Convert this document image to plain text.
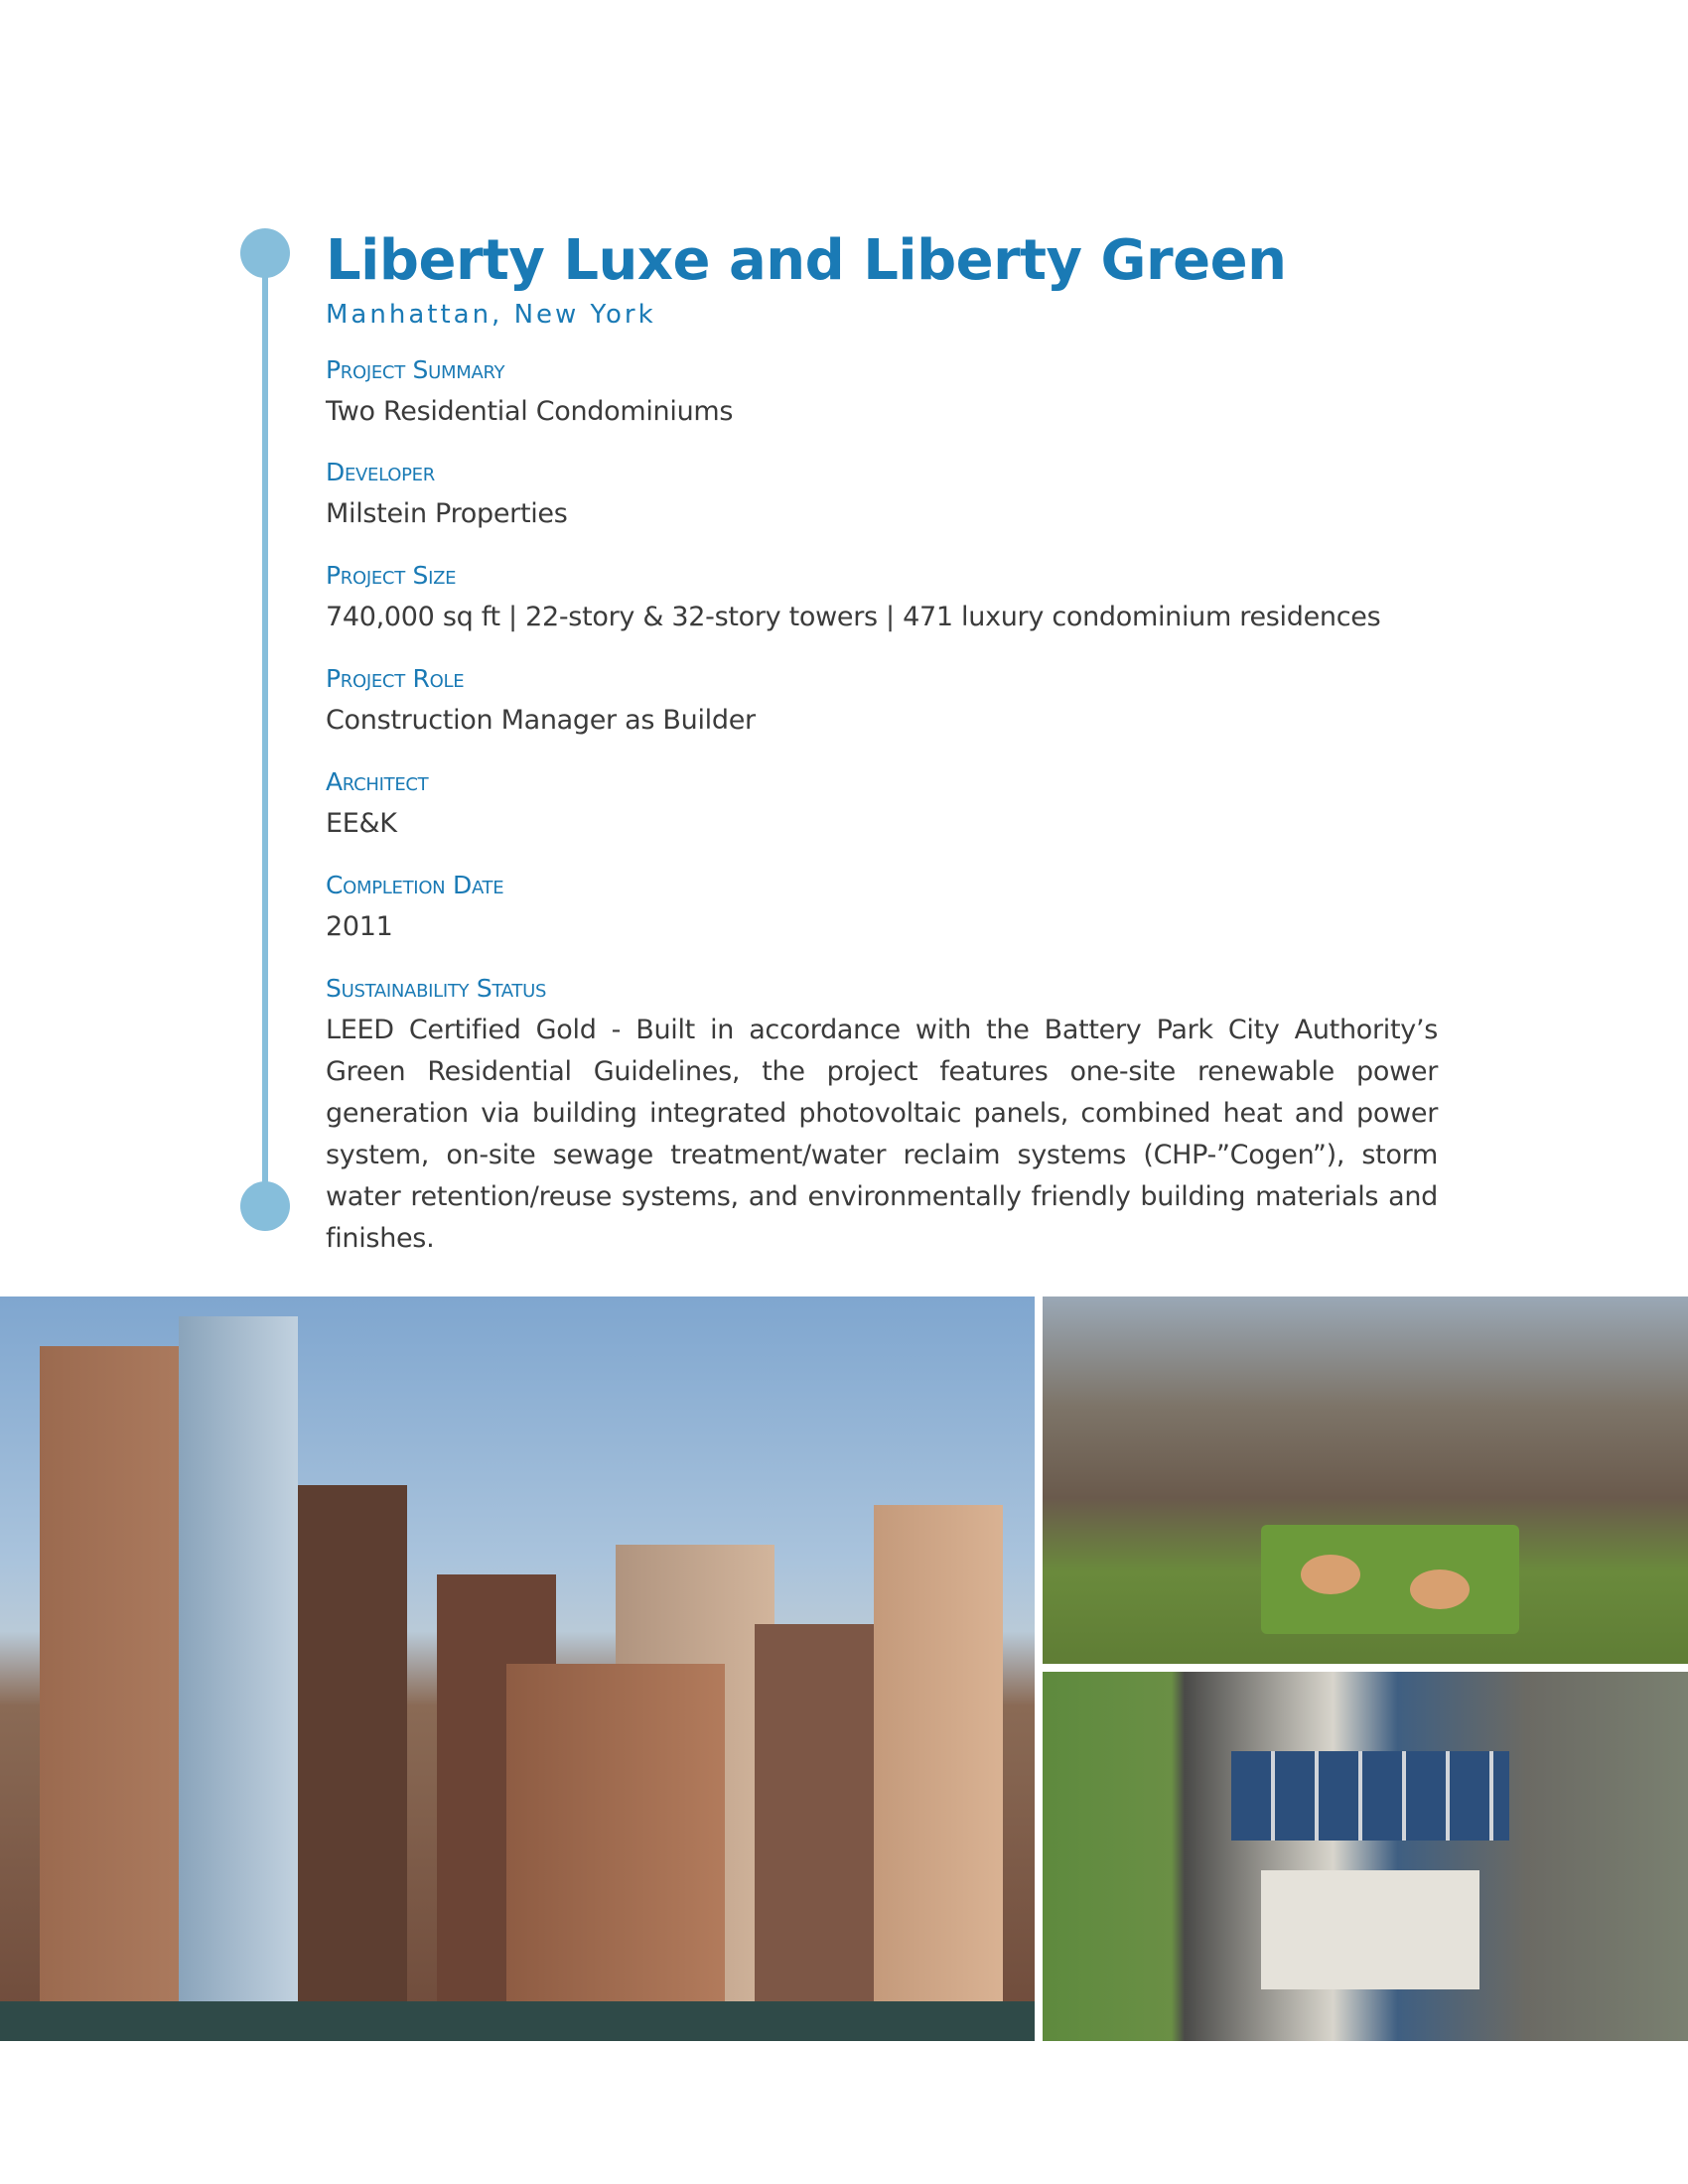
Liberty Luxe and Liberty Green
Manhattan, New York
Project Summary
Two Residential Condominiums
Developer
Milstein Properties
Project Size
740,000 sq ft | 22-story & 32-story towers | 471 luxury condominium residences
Project Role
Construction Manager as Builder
Architect
EE&K
Completion Date
2011
Sustainability Status
LEED Certified Gold - Built in accordance with the Battery Park City Authority’s Green Residential Guidelines, the project features one-site renewable power generation via building integrated photovoltaic panels, combined heat and power system, on-site sewage treatment/water reclaim systems (CHP-”Cogen”), storm water retention/reuse systems, and environmentally friendly building materials and finishes.
